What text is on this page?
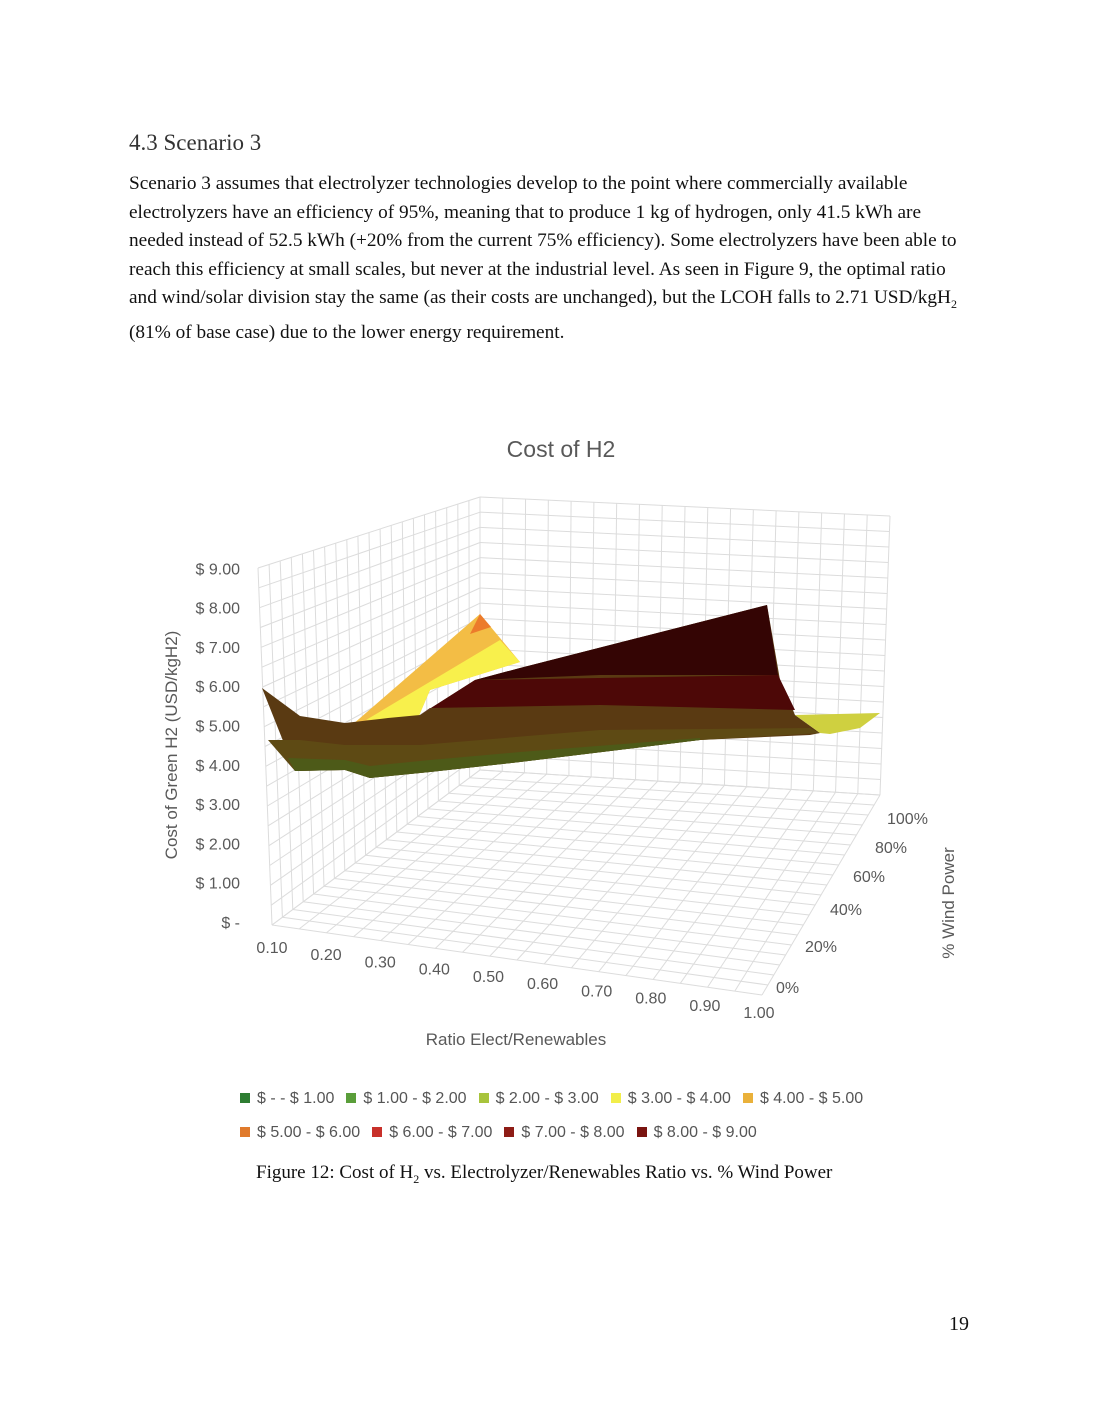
4.3 Scenario 3
Scenario 3 assumes that electrolyzer technologies develop to the point where commercially available electrolyzers have an efficiency of 95%, meaning that to produce 1 kg of hydrogen, only 41.5 kWh are needed instead of 52.5 kWh (+20% from the current 75% efficiency). Some electrolyzers have been able to reach this efficiency at small scales, but never at the industrial level. As seen in Figure 9, the optimal ratio and wind/solar division stay the same (as their costs are unchanged), but the LCOH falls to 2.71 USD/kgH$_2$ (81% of base case) due to the lower energy requirement.
$ -
$ 1.00
$ 2.00
$ 3.00
$ 4.00
$ 5.00
$ 6.00
$ 7.00
$ 8.00
$ 9.00
0.10 0.20 0.30 0.40 0.50 0.60 0.70 0.80 0.90 1.00
0%
20%
40%
60%
80%
100%
Cost of H2
Ratio Elect/Renewables
Cost of Green H2 (USD/kgH2)
% Wind Power
$ - - $ 1.00 $ 1.00 - $ 2.00 $ 2.00 - $ 3.00 $ 3.00 - $ 4.00 $ 4.00 - $ 5.00
$ 5.00 - $ 6.00 $ 6.00 - $ 7.00 $ 7.00 - $ 8.00 $ 8.00 - $ 9.00
Figure 12: Cost of $H_2$ vs. Electrolyzer/Renewables Ratio vs. % Wind Power
19
